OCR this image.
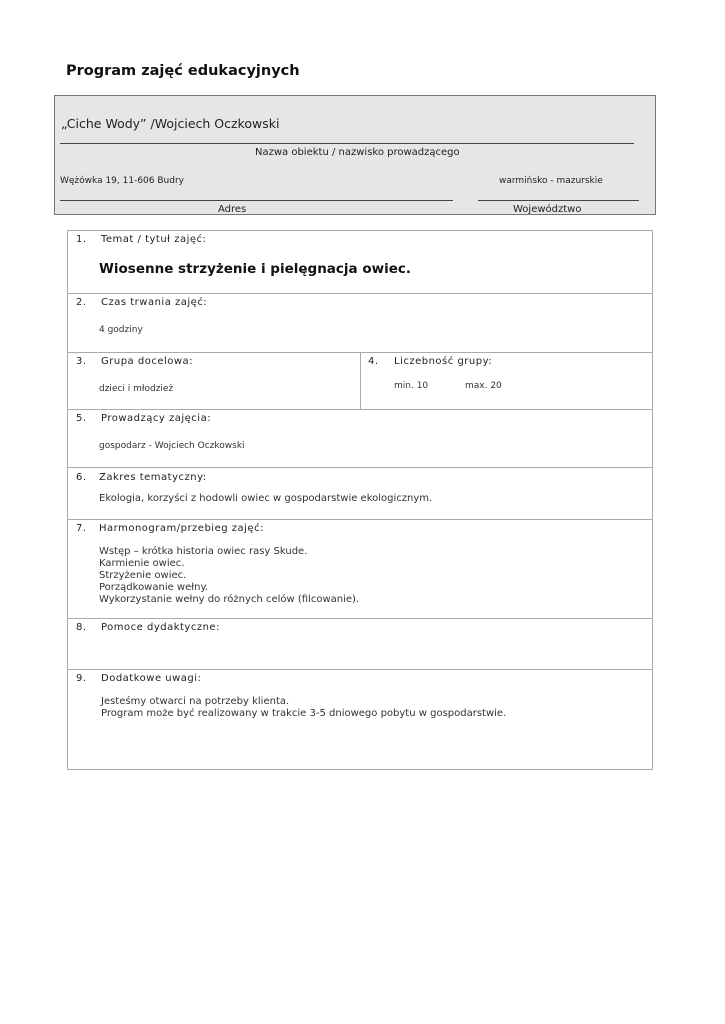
Program zajęć edukacyjnych
„Ciche Wody” /Wojciech Oczkowski
Nazwa obiektu / nazwisko prowadzącego
Wężówka 19, 11-606 Budry	warmińsko - mazurskie
Adres	Województwo
1. Temat / tytuł zajęć:
Wiosenne strzyżenie i pielęgnacja owiec.
2. Czas trwania zajęć:
4 godziny
3. Grupa docelowa:
dzieci i młodzież
4. Liczebność grupy:
min. 10	max. 20
5. Prowadzący zajęcia:
gospodarz - Wojciech Oczkowski
6. Zakres tematyczny:
Ekologia, korzyści z hodowli owiec w gospodarstwie ekologicznym.
7. Harmonogram/przebieg zajęć:
Wstęp – krótka historia owiec rasy Skude.
Karmienie owiec.
Strzyżenie owiec.
Porządkowanie wełny.
Wykorzystanie wełny do różnych celów (filcowanie).
8. Pomoce dydaktyczne:
9. Dodatkowe uwagi:
Jesteśmy otwarci na potrzeby klienta.
Program może być realizowany w trakcie 3-5 dniowego pobytu w gospodarstwie.
